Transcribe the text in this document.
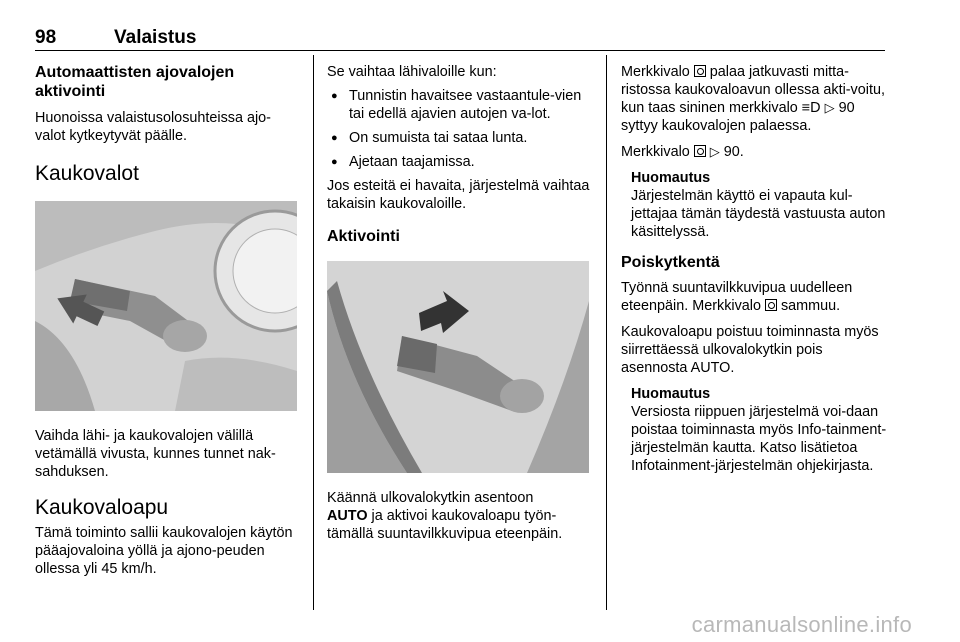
98	Valaistus
Automaattisten ajovalojen aktivointi

Huonoissa valaistusolosuhteissa ajo-valot kytkeytyvät päälle.

Kaukovalot

Vaihda lähi- ja kaukovalojen välillä vetämällä vivusta, kunnes tunnet nak-sahduksen.

Kaukovaloapu

Tämä toiminto sallii kaukovalojen käytön pääajovaloina yöllä ja ajono-peuden ollessa yli 45 km/h.

Se vaihtaa lähivaloille kun:

● Tunnistin havaitsee vastaantule-vien tai edellä ajavien autojen va-lot.
● On sumuista tai sataa lunta.
● Ajetaan taajamissa.

Jos esteitä ei havaita, järjestelmä vaihtaa takaisin kaukovaloille.

Aktivointi

Käännä ulkovalokytkin asentoon
AUTO ja aktivoi kaukovaloapu työn-tämällä suuntavilkkuvipua eteenpäin.

Merkkivalo  palaa jatkuvasti mitta-ristossa kaukovaloavun ollessa akti-voitu, kun taas sininen merkkivalo ≡D ▷ 90 syttyy kaukovalojen palaessa.

Merkkivalo  ▷ 90.

Huomautus

Järjestelmän käyttö ei vapauta kul-jettajaa tämän täydestä vastuusta auton käsittelyssä.

Poiskytkentä

Työnnä suuntavilkkuvipua uudelleen eteenpäin. Merkkivalo  sammuu.

Kaukovaloapu poistuu toiminnasta myös siirrettäessä ulkovalokytkin pois asennosta AUTO.

Huomautus

Versiosta riippuen järjestelmä voi-daan poistaa toiminnasta myös Info-tainment-järjestelmän kautta. Katso lisätietoa Infotainment-järjestelmän ohjekirjasta.

carmanualsonline.info
